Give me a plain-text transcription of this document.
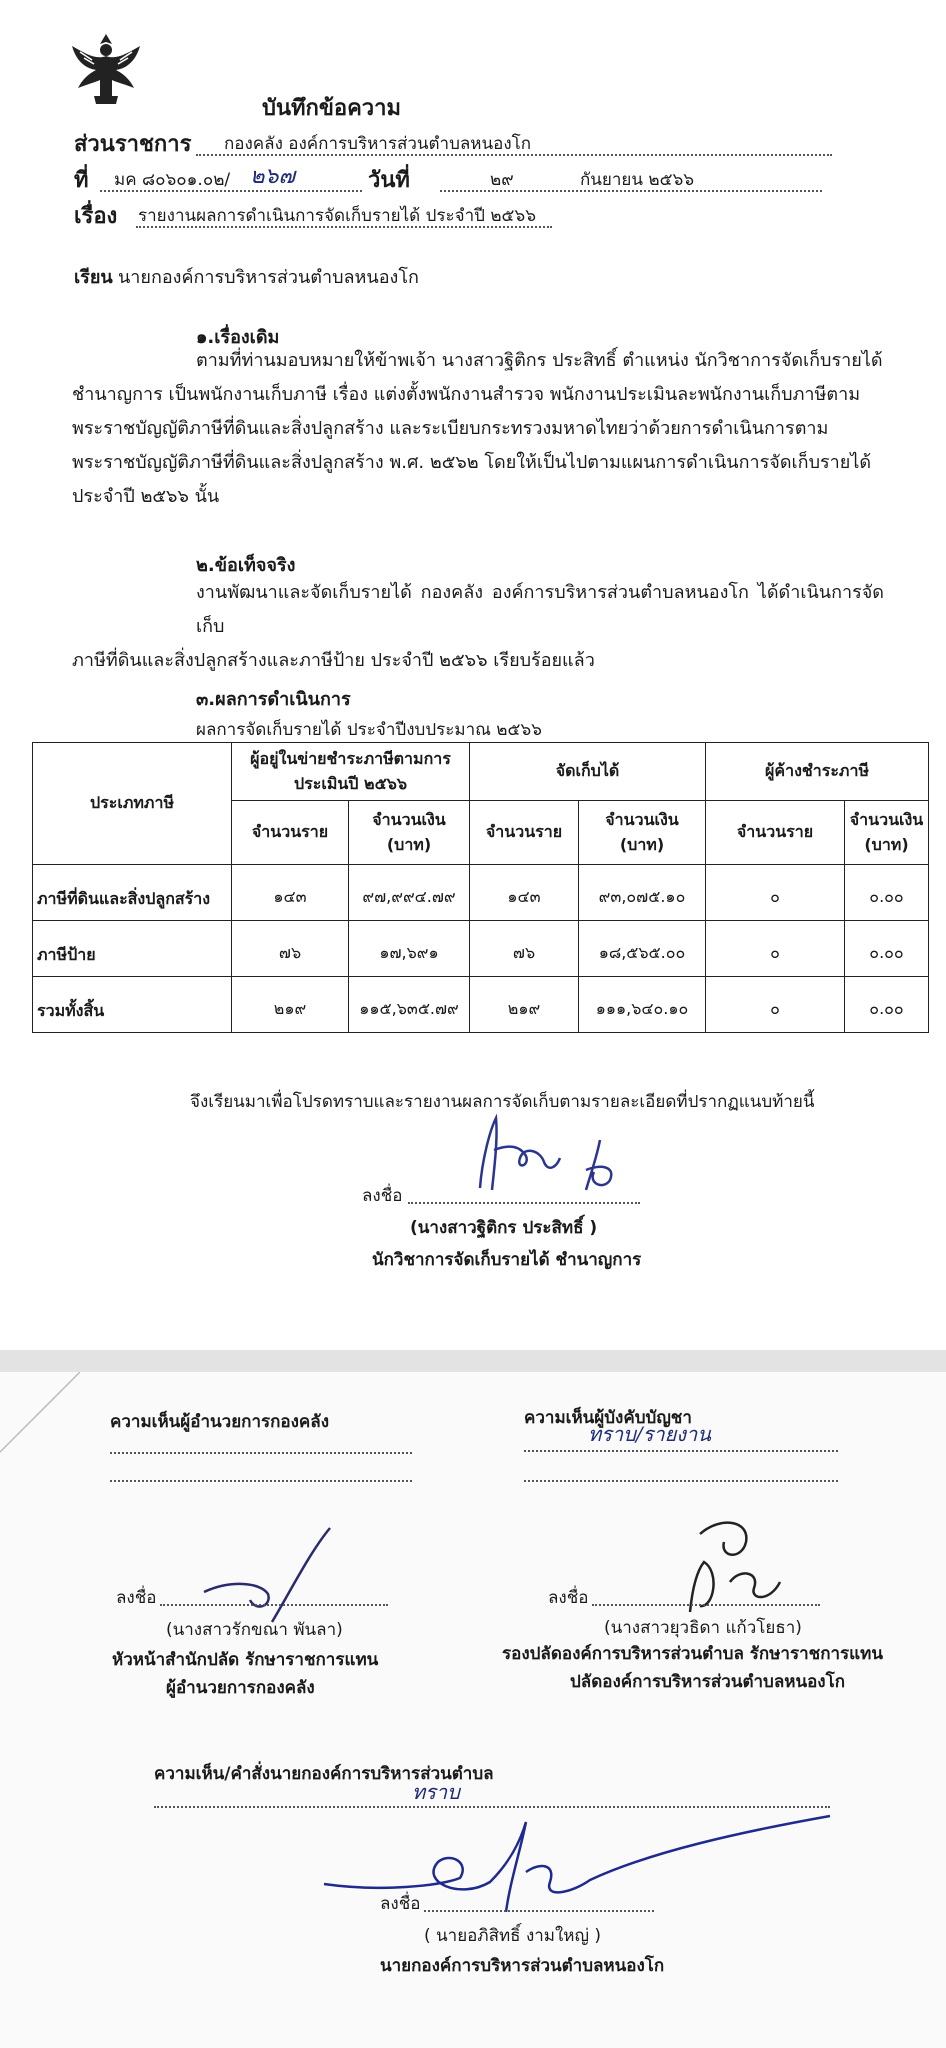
บันทึกข้อความ
ส่วนราชการ กองคลัง องค์การบริหารส่วนตำบลหนองโก
ที่ มค ๘๐๖๐๑.๐๒/ ๒๖๗	วันที่	๒๙	กันยายน ๒๕๖๖
เรื่อง รายงานผลการดำเนินการจัดเก็บรายได้ ประจำปี ๒๕๖๖
เรียน นายกองค์การบริหารส่วนตำบลหนองโก
๑.เรื่องเดิม
ตามที่ท่านมอบหมายให้ข้าพเจ้า นางสาวฐิติกร ประสิทธิ์ ตำแหน่ง นักวิชาการจัดเก็บรายได้
ชำนาญการ เป็นพนักงานเก็บภาษี เรื่อง แต่งตั้งพนักงานสำรวจ พนักงานประเมินละพนักงานเก็บภาษีตาม
พระราชบัญญัติภาษีที่ดินและสิ่งปลูกสร้าง และระเบียบกระทรวงมหาดไทยว่าด้วยการดำเนินการตาม
พระราชบัญญัติภาษีที่ดินและสิ่งปลูกสร้าง พ.ศ. ๒๕๖๒ โดยให้เป็นไปตามแผนการดำเนินการจัดเก็บรายได้
ประจำปี ๒๕๖๖ นั้น
๒.ข้อเท็จจริง
งานพัฒนาและจัดเก็บรายได้ กองคลัง องค์การบริหารส่วนตำบลหนองโก ได้ดำเนินการจัดเก็บ
ภาษีที่ดินและสิ่งปลูกสร้างและภาษีป้าย ประจำปี ๒๕๖๖ เรียบร้อยแล้ว
๓.ผลการดำเนินการ
ผลการจัดเก็บรายได้ ประจำปีงบประมาณ ๒๕๖๖
ประเภทภาษี	ผู้อยู่ในข่ายชำระภาษีตามการประเมินปี ๒๕๖๖		จัดเก็บได้		ผู้ค้างชำระภาษี	
	จำนวนราย	จำนวนเงิน (บาท)	จำนวนราย	จำนวนเงิน (บาท)	จำนวนราย	จำนวนเงิน (บาท)
ภาษีที่ดินและสิ่งปลูกสร้าง	๑๔๓	๙๗,๙๙๔.๗๙	๑๔๓	๙๓,๐๗๕.๑๐	๐	๐.๐๐
ภาษีป้าย	๗๖	๑๗,๖๙๑	๗๖	๑๘,๕๖๕.๐๐	๐	๐.๐๐
รวมทั้งสิ้น	๒๑๙	๑๑๕,๖๓๕.๗๙	๒๑๙	๑๑๑,๖๔๐.๑๐	๐	๐.๐๐
จึงเรียนมาเพื่อโปรดทราบและรายงานผลการจัดเก็บตามรายละเอียดที่ปรากฏแนบท้ายนี้
ลงชื่อ
(นางสาวฐิติกร ประสิทธิ์ )
นักวิชาการจัดเก็บรายได้ ชำนาญการ
ความเห็นผู้อำนวยการกองคลัง
ลงชื่อ
(นางสาวรักขณา พันลา)
หัวหน้าสำนักปลัด รักษาราชการแทน
ผู้อำนวยการกองคลัง
ความเห็นผู้บังคับบัญชา
ทราบ/รายงาน
ลงชื่อ
(นางสาวยุวธิดา แก้วโยธา)
รองปลัดองค์การบริหารส่วนตำบล รักษาราชการแทน
ปลัดองค์การบริหารส่วนตำบลหนองโก
ความเห็น/คำสั่งนายกองค์การบริหารส่วนตำบล
ทราบ
ลงชื่อ
( นายอภิสิทธิ์ งามใหญ่ )
นายกองค์การบริหารส่วนตำบลหนองโก
